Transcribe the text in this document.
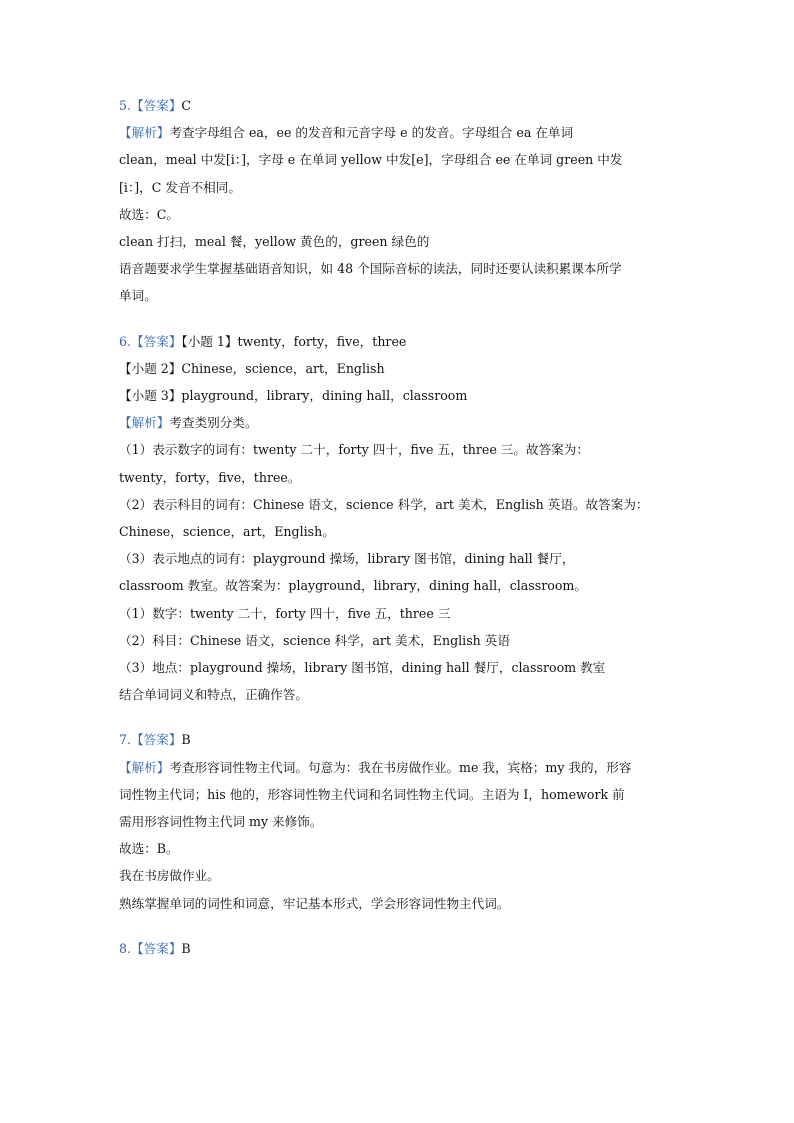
5.【答案】C
【解析】考查字母组合 ea，ee 的发音和元音字母 e 的发音。字母组合 ea 在单词
clean，meal 中发[i：]，字母 e 在单词 yellow 中发[e]，字母组合 ee 在单词 green 中发
[i：]，C 发音不相同。
故选：C。
clean 打扫，meal 餐，yellow 黄色的，green 绿色的
语音题要求学生掌握基础语音知识，如 48 个国际音标的读法，同时还要认读积累课本所学
单词。
6.【答案】【小题 1】twenty，forty，five，three
【小题 2】Chinese，science，art，English
【小题 3】playground，library，dining hall，classroom
【解析】考查类别分类。
（1）表示数字的词有：twenty 二十，forty 四十，five 五，three 三。故答案为：
twenty，forty，five，three。
（2）表示科目的词有：Chinese 语文，science 科学，art 美术，English 英语。故答案为：
Chinese，science，art，English。
（3）表示地点的词有：playground 操场，library 图书馆，dining hall 餐厅，
classroom 教室。故答案为：playground，library，dining hall，classroom。
（1）数字：twenty 二十，forty 四十，five 五，three 三
（2）科目：Chinese 语文，science 科学，art 美术，English 英语
（3）地点：playground 操场，library 图书馆，dining hall 餐厅，classroom 教室
结合单词词义和特点，正确作答。
7.【答案】B
【解析】考查形容词性物主代词。句意为：我在书房做作业。me 我，宾格；my 我的，形容
词性物主代词；his 他的，形容词性物主代词和名词性物主代词。主语为 I，homework 前
需用形容词性物主代词 my 来修饰。
故选：B。
我在书房做作业。
熟练掌握单词的词性和词意，牢记基本形式，学会形容词性物主代词。
8.【答案】B
